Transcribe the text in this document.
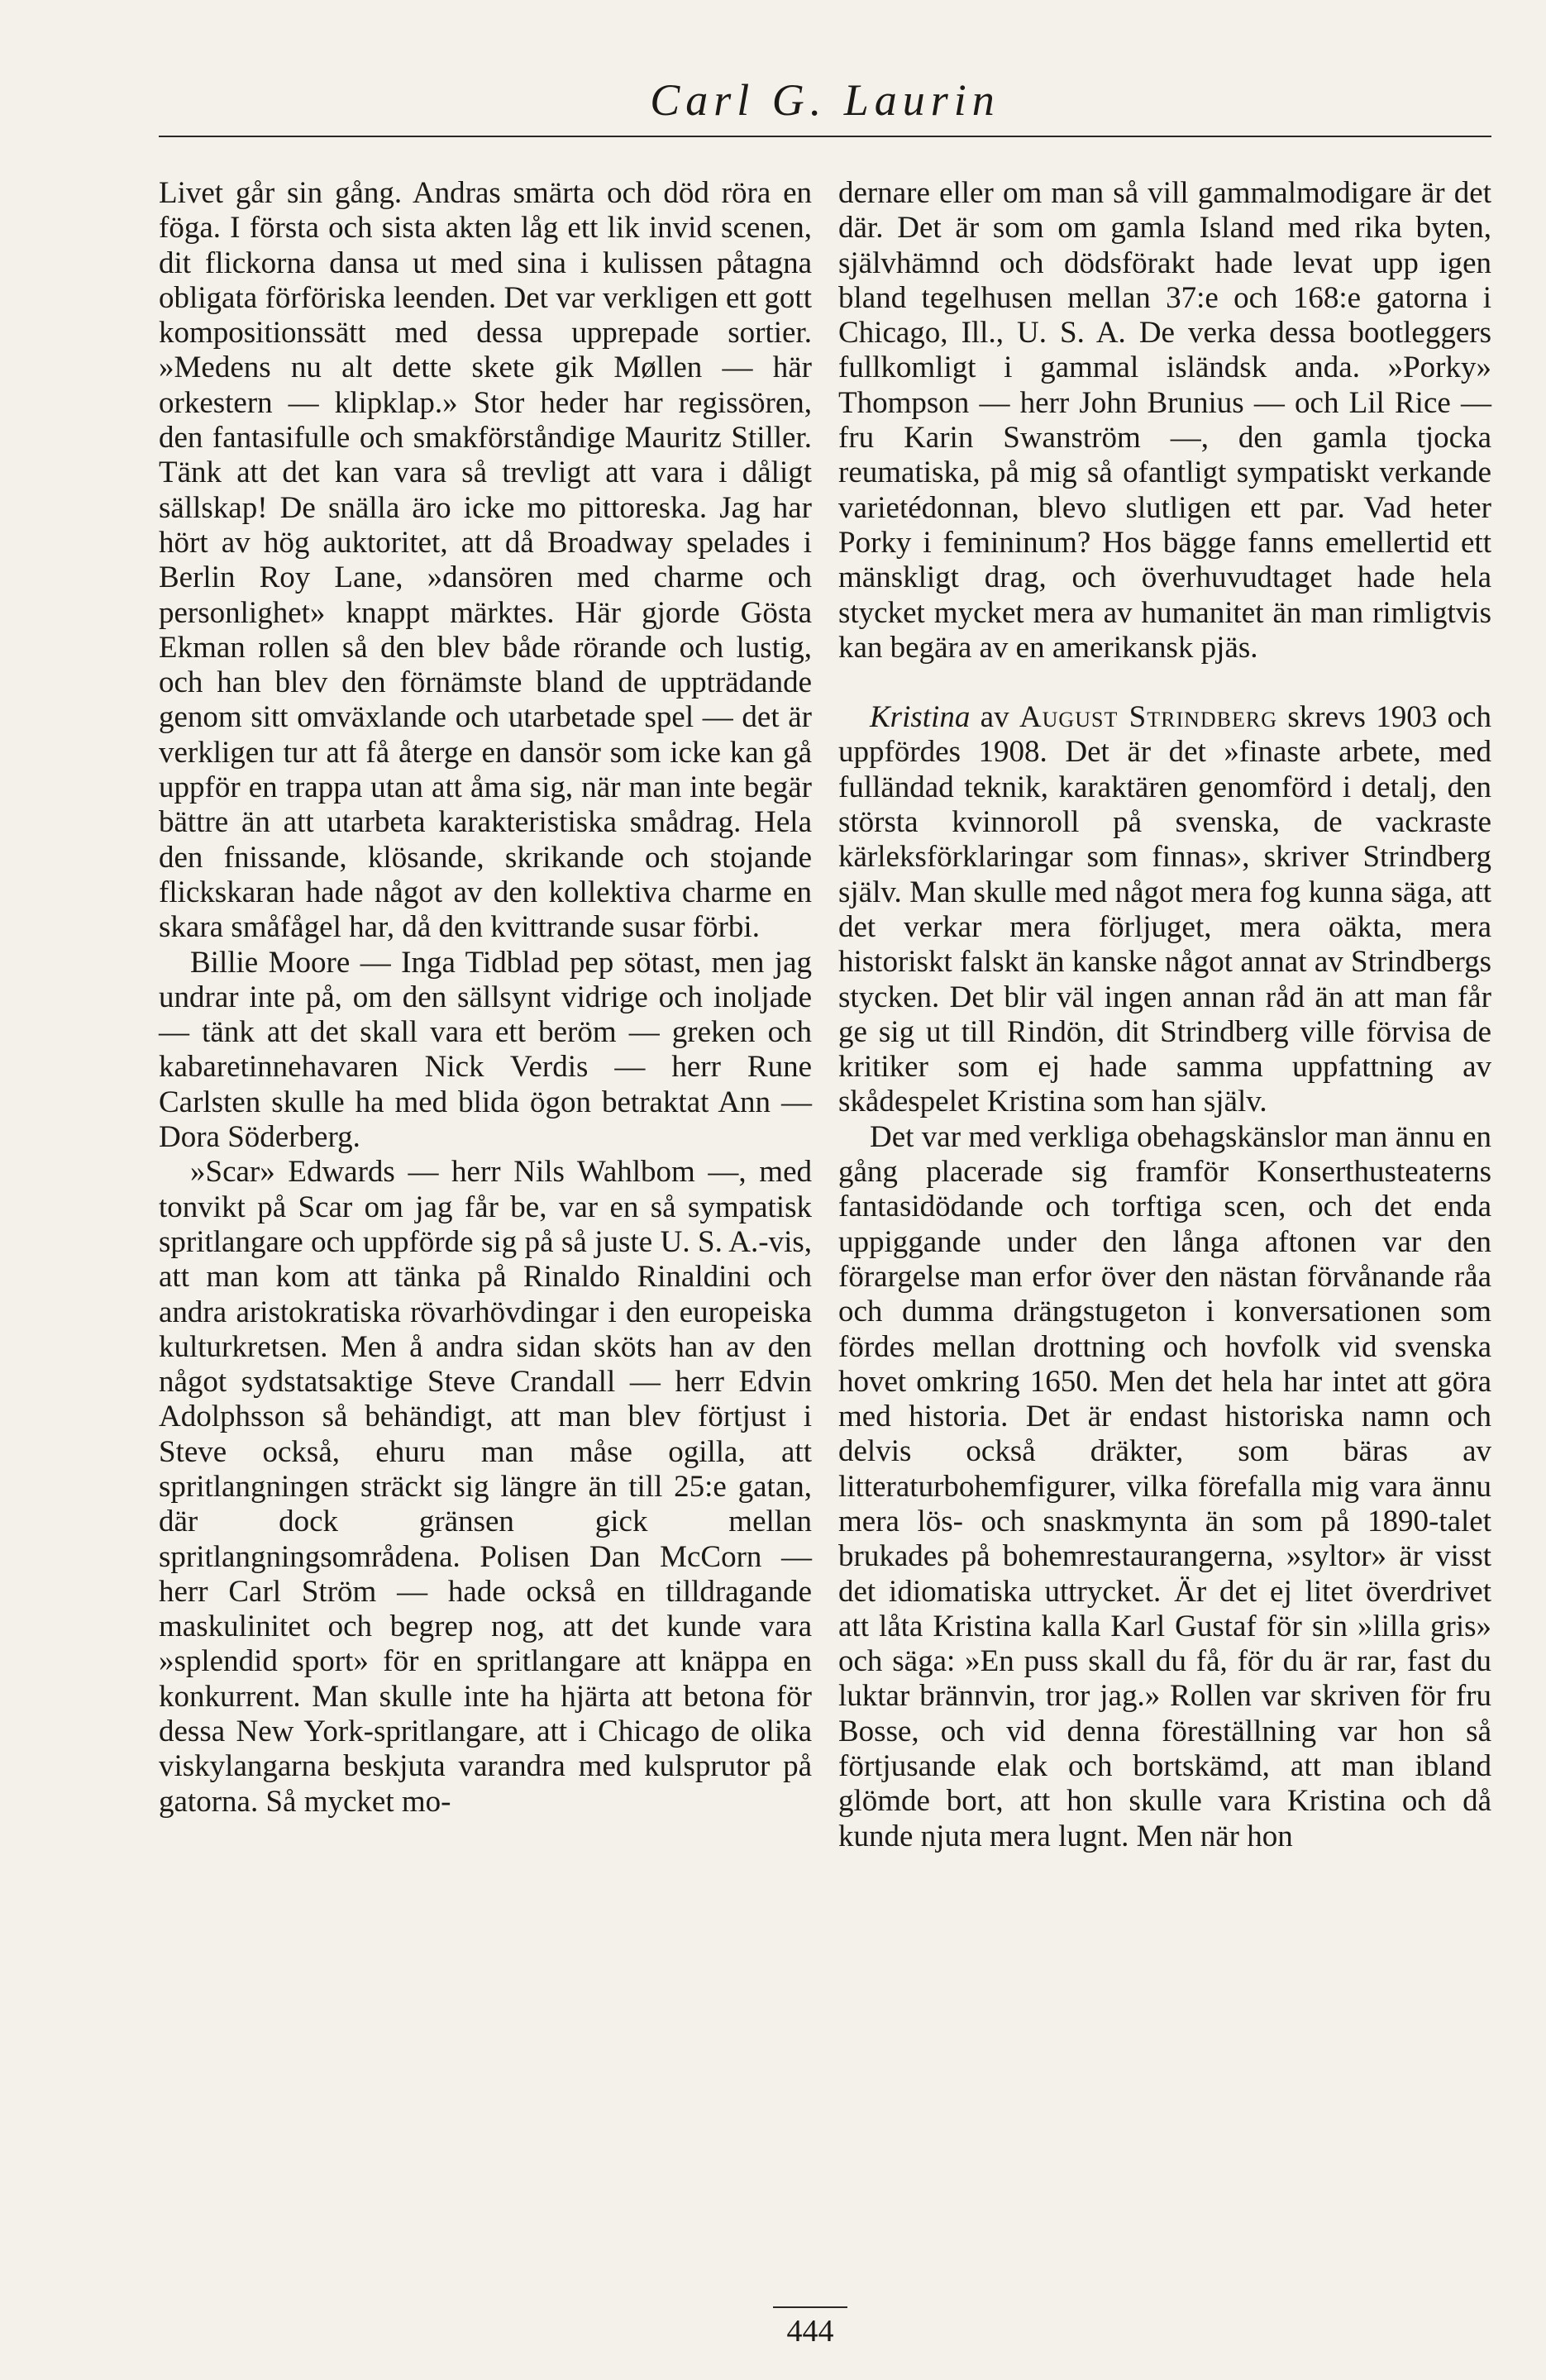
Carl G. Laurin

Livet går sin gång. Andras smärta och död röra en föga. I första och sista akten låg ett lik invid scenen, dit flickorna dansa ut med sina i kulissen påtagna obligata förföriska leenden. Det var verkligen ett gott kompositionssätt med dessa upprepade sortier. »Medens nu alt dette skete gik Møllen — här orkestern — klipklap.» Stor heder har regissören, den fantasifulle och smakförståndige Mauritz Stiller. Tänk att det kan vara så trevligt att vara i dåligt sällskap! De snälla äro icke mo pittoreska. Jag har hört av hög auktoritet, att då Broadway spelades i Berlin Roy Lane, »dansören med charme och personlighet» knappt märktes. Här gjorde Gösta Ekman rollen så den blev både rörande och lustig, och han blev den förnämste bland de uppträdande genom sitt omväxlande och utarbetade spel — det är verkligen tur att få återge en dansör som icke kan gå uppför en trappa utan att åma sig, när man inte begär bättre än att utarbeta karakteristiska smådrag. Hela den fnissande, klösande, skrikande och stojande flickskaran hade något av den kollektiva charme en skara småfågel har, då den kvittrande susar förbi.

Billie Moore — Inga Tidblad pep sötast, men jag undrar inte på, om den sällsynt vidrige och inoljade — tänk att det skall vara ett beröm — greken och kabaretinnehavaren Nick Verdis — herr Rune Carlsten skulle ha med blida ögon betraktat Ann — Dora Söderberg.

»Scar» Edwards — herr Nils Wahlbom —, med tonvikt på Scar om jag får be, var en så sympatisk spritlangare och uppförde sig på så juste U. S. A.-vis, att man kom att tänka på Rinaldo Rinaldini och andra aristokratiska rövarhövdingar i den europeiska kulturkretsen. Men å andra sidan sköts han av den något sydstatsaktige Steve Crandall — herr Edvin Adolphsson så behändigt, att man blev förtjust i Steve också, ehuru man måse ogilla, att spritlangningen sträckt sig längre än till 25:e gatan, där dock gränsen gick mellan spritlangningsområdena. Polisen Dan McCorn — herr Carl Ström — hade också en tilldragande maskulinitet och begrep nog, att det kunde vara »splendid sport» för en spritlangare att knäppa en konkurrent. Man skulle inte ha hjärta att betona för dessa New York-spritlangare, att i Chicago de olika viskylangarna beskjuta varandra med kulsprutor på gatorna. Så mycket mo-

dernare eller om man så vill gammalmodigare är det där. Det är som om gamla Island med rika byten, självhämnd och dödsförakt hade levat upp igen bland tegelhusen mellan 37:e och 168:e gatorna i Chicago, Ill., U. S. A. De verka dessa bootleggers fullkomligt i gammal isländsk anda. »Porky» Thompson — herr John Brunius — och Lil Rice — fru Karin Swanström —, den gamla tjocka reumatiska, på mig så ofantligt sympatiskt verkande varietédonnan, blevo slutligen ett par. Vad heter Porky i femininum? Hos bägge fanns emellertid ett mänskligt drag, och överhuvudtaget hade hela stycket mycket mera av humanitet än man rimligtvis kan begära av en amerikansk pjäs.

Kristina av August Strindberg skrevs 1903 och uppfördes 1908. Det är det »finaste arbete, med fulländad teknik, karaktären genomförd i detalj, den största kvinnoroll på svenska, de vackraste kärleksförklaringar som finnas», skriver Strindberg själv. Man skulle med något mera fog kunna säga, att det verkar mera förljuget, mera oäkta, mera historiskt falskt än kanske något annat av Strindbergs stycken. Det blir väl ingen annan råd än att man får ge sig ut till Rindön, dit Strindberg ville förvisa de kritiker som ej hade samma uppfattning av skådespelet Kristina som han själv.

Det var med verkliga obehagskänslor man ännu en gång placerade sig framför Konserthusteaterns fantasidödande och torftiga scen, och det enda uppiggande under den långa aftonen var den förargelse man erfor över den nästan förvånande råa och dumma drängstugeton i konversationen som fördes mellan drottning och hovfolk vid svenska hovet omkring 1650. Men det hela har intet att göra med historia. Det är endast historiska namn och delvis också dräkter, som bäras av litteraturbohemfigurer, vilka förefalla mig vara ännu mera lös- och snaskmynta än som på 1890-talet brukades på bohemrestaurangerna, »syltor» är visst det idiomatiska uttrycket. Är det ej litet överdrivet att låta Kristina kalla Karl Gustaf för sin »lilla gris» och säga: »En puss skall du få, för du är rar, fast du luktar brännvin, tror jag.» Rollen var skriven för fru Bosse, och vid denna föreställning var hon så förtjusande elak och bortskämd, att man ibland glömde bort, att hon skulle vara Kristina och då kunde njuta mera lugnt. Men när hon

444
